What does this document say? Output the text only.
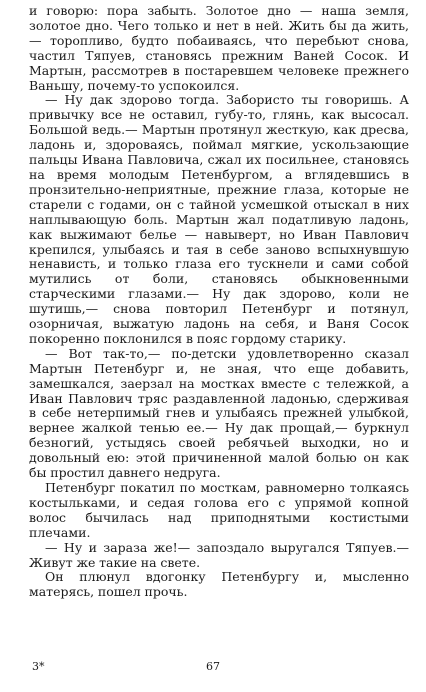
и говорю: пора забыть. Золотое дно — наша земля, золотое дно. Чего только и нет в ней. Жить бы да жить,— торопливо, будто побаиваясь, что перебьют снова, частил Тяпуев, становясь прежним Ваней Сосок. И Мартын, рассмотрев в постаревшем человеке прежнего Ваньшу, почему-то успокоился.

— Ну дак здорово тогда. Забористо ты говоришь. А привычку все не оставил, губу-то, глянь, как высосал. Большой ведь.— Мартын протянул жесткую, как дресва, ладонь и, здороваясь, поймал мягкие, ускользающие пальцы Ивана Павловича, сжал их посильнее, становясь на время молодым Петенбургом, а вглядевшись в пронзительно-неприятные, прежние глаза, которые не старели с годами, он с тайной усмешкой отыскал в них наплывающую боль. Мартын жал податливую ладонь, как выжимают белье — навыверт, но Иван Павлович крепился, улыбаясь и тая в себе заново вспыхнувшую ненависть, и только глаза его тускнели и сами собой мутились от боли, становясь обыкновенными старческими глазами.— Ну дак здорово, коли не шутишь,— снова повторил Петенбург и потянул, озорничая, выжатую ладонь на себя, и Ваня Сосок покоренно поклонился в пояс гордому старику.

— Вот так-то,— по-детски удовлетворенно сказал Мартын Петенбург и, не зная, что еще добавить, замешкался, заерзал на мостках вместе с тележкой, а Иван Павлович тряс раздавленной ладонью, сдерживая в себе нетерпимый гнев и улыбаясь прежней улыбкой, вернее жалкой тенью ее.— Ну дак прощай,— буркнул безногий, устыдясь своей ребячьей выходки, но и довольный ею: этой причиненной малой болью он как бы простил давнего недруга.

Петенбург покатил по мосткам, равномерно толкаясь костыльками, и седая голова его с упрямой копной волос бычилась над приподнятыми костистыми плечами.

— Ну и зараза же!— запоздало выругался Тяпуев.— Живут же такие на свете.

Он плюнул вдогонку Петенбургу и, мысленно матерясь, пошел прочь.

3*	67
